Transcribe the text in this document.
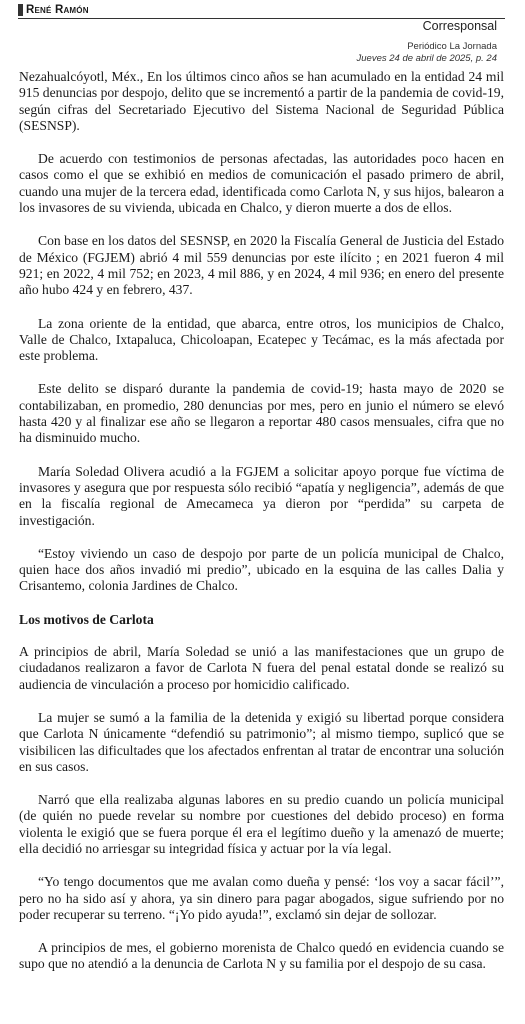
René Ramón
Corresponsal
Periódico La Jornada
Jueves 24 de abril de 2025, p. 24

Nezahualcóyotl, Méx., En los últimos cinco años se han acumulado en la entidad 24 mil 915 denuncias por despojo, delito que se incrementó a partir de la pandemia de covid-19, según cifras del Secretariado Ejecutivo del Sistema Nacional de Seguridad Pública (SESNSP).

De acuerdo con testimonios de personas afectadas, las autoridades poco hacen en casos como el que se exhibió en medios de comunicación el pasado primero de abril, cuando una mujer de la tercera edad, identificada como Carlota N, y sus hijos, balearon a los invasores de su vivienda, ubicada en Chalco, y dieron muerte a dos de ellos.

Con base en los datos del SESNSP, en 2020 la Fiscalía General de Justicia del Estado de México (FGJEM) abrió 4 mil 559 denuncias por este ilícito ; en 2021 fueron 4 mil 921; en 2022, 4 mil 752; en 2023, 4 mil 886, y en 2024, 4 mil 936; en enero del presente año hubo 424 y en febrero, 437.

La zona oriente de la entidad, que abarca, entre otros, los municipios de Chalco, Valle de Chalco, Ixtapaluca, Chicoloapan, Ecatepec y Tecámac, es la más afectada por este problema.

Este delito se disparó durante la pandemia de covid-19; hasta mayo de 2020 se contabilizaban, en promedio, 280 denuncias por mes, pero en junio el número se elevó hasta 420 y al finalizar ese año se llegaron a reportar 480 casos mensuales, cifra que no ha disminuido mucho.

María Soledad Olivera acudió a la FGJEM a solicitar apoyo porque fue víctima de invasores y asegura que por respuesta sólo recibió “apatía y negligencia”, además de que en la fiscalía regional de Amecameca ya dieron por “perdida” su carpeta de investigación.

“Estoy viviendo un caso de despojo por parte de un policía municipal de Chalco, quien hace dos años invadió mi predio”, ubicado en la esquina de las calles Dalia y Crisantemo, colonia Jardines de Chalco.

Los motivos de Carlota

A principios de abril, María Soledad se unió a las manifestaciones que un grupo de ciudadanos realizaron a favor de Carlota N fuera del penal estatal donde se realizó su audiencia de vinculación a proceso por homicidio calificado.

La mujer se sumó a la familia de la detenida y exigió su libertad porque considera que Carlota N únicamente “defendió su patrimonio”; al mismo tiempo, suplicó que se visibilicen las dificultades que los afectados enfrentan al tratar de encontrar una solución en sus casos.

Narró que ella realizaba algunas labores en su predio cuando un policía municipal (de quién no puede revelar su nombre por cuestiones del debido proceso) en forma violenta le exigió que se fuera porque él era el legítimo dueño y la amenazó de muerte; ella decidió no arriesgar su integridad física y actuar por la vía legal.

“Yo tengo documentos que me avalan como dueña y pensé: ‘los voy a sacar fácil’”, pero no ha sido así y ahora, ya sin dinero para pagar abogados, sigue sufriendo por no poder recuperar su terreno. “¡Yo pido ayuda!”, exclamó sin dejar de sollozar.

A principios de mes, el gobierno morenista de Chalco quedó en evidencia cuando se supo que no atendió a la denuncia de Carlota N y su familia por el despojo de su casa.
